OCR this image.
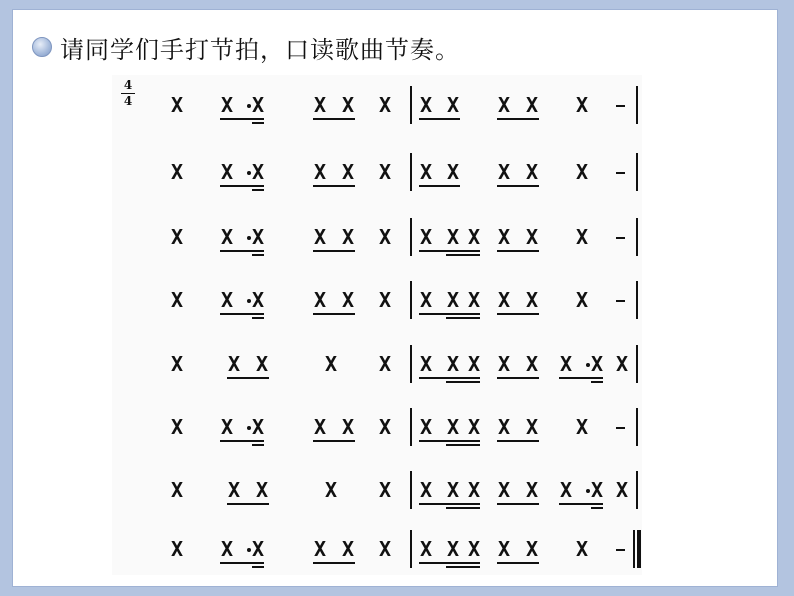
请同学们手打节拍，口读歌曲节奏。
4
4 X X X X X X X X X X X
X X X X X X X X X X X
X X X X X X X X X X X X
X X X X X X X X X X X X
X X X	X X X X X X X X X X
X X X X X X X X X X X X
X X X	X X X X X X X X X X
X X X X X X X X X X X X
